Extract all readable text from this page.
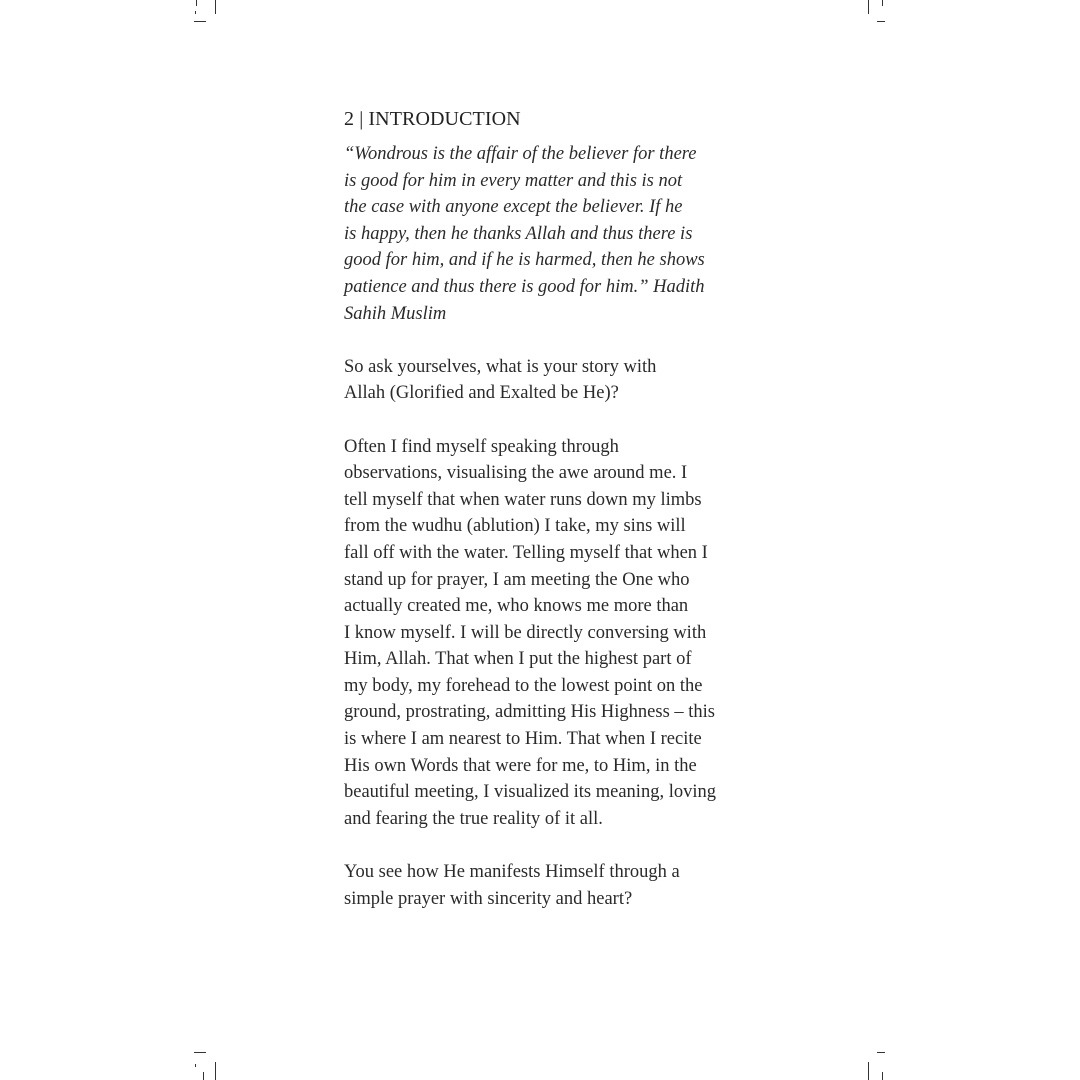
2 | INTRODUCTION

“Wondrous is the affair of the believer for there
is good for him in every matter and this is not
the case with anyone except the believer. If he
is happy, then he thanks Allah and thus there is
good for him, and if he is harmed, then he shows
patience and thus there is good for him.” Hadith
Sahih Muslim

So ask yourselves, what is your story with
Allah (Glorified and Exalted be He)?

Often I find myself speaking through
observations, visualising the awe around me. I
tell myself that when water runs down my limbs
from the wudhu (ablution) I take, my sins will
fall off with the water. Telling myself that when I
stand up for prayer, I am meeting the One who
actually created me, who knows me more than
I know myself. I will be directly conversing with
Him, Allah. That when I put the highest part of
my body, my forehead to the lowest point on the
ground, prostrating, admitting His Highness – this
is where I am nearest to Him. That when I recite
His own Words that were for me, to Him, in the
beautiful meeting, I visualized its meaning, loving
and fearing the true reality of it all.

You see how He manifests Himself through a
simple prayer with sincerity and heart?
